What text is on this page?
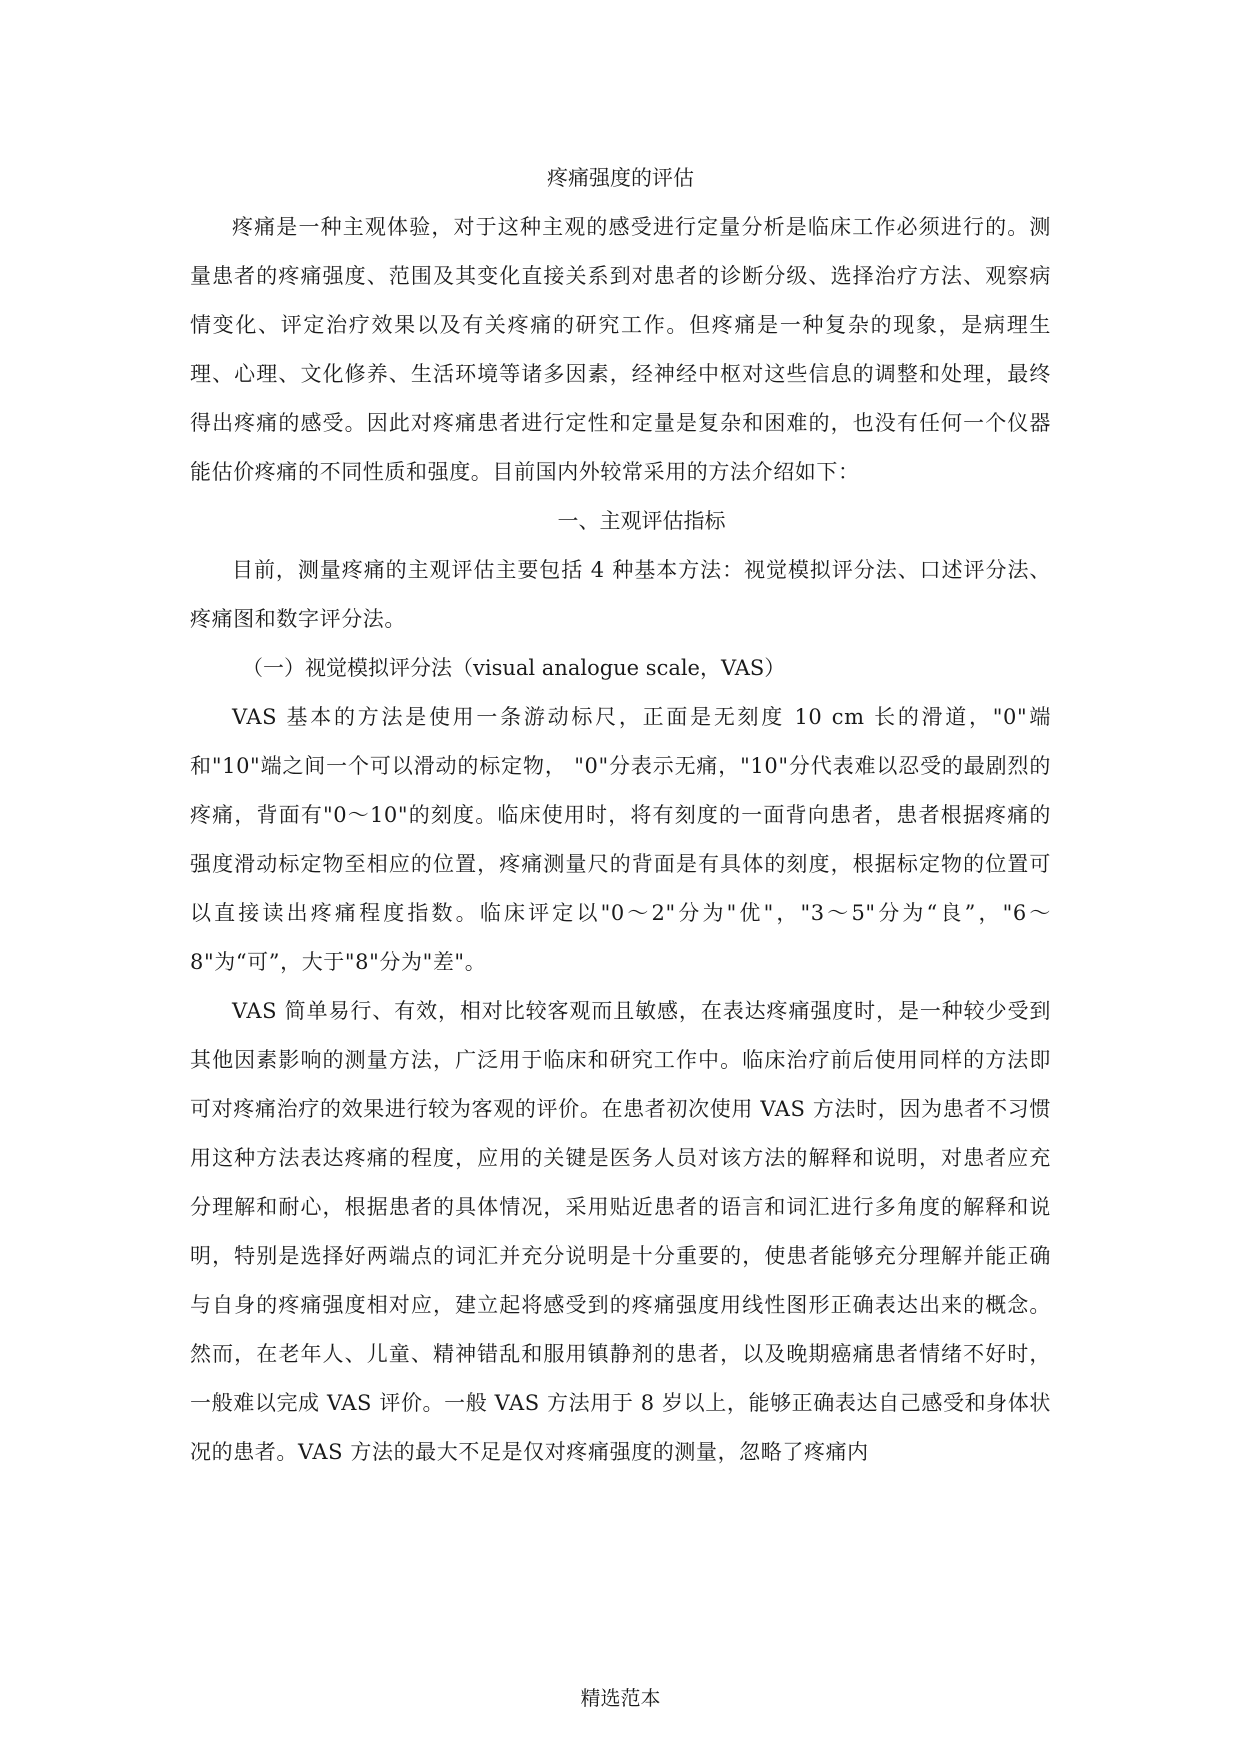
疼痛强度的评估

疼痛是一种主观体验，对于这种主观的感受进行定量分析是临床工作必须进行的。测量患者的疼痛强度、范围及其变化直接关系到对患者的诊断分级、选择治疗方法、观察病情变化、评定治疗效果以及有关疼痛的研究工作。但疼痛是一种复杂的现象，是病理生理、心理、文化修养、生活环境等诸多因素，经神经中枢对这些信息的调整和处理，最终得出疼痛的感受。因此对疼痛患者进行定性和定量是复杂和困难的，也没有任何一个仪器能估价疼痛的不同性质和强度。目前国内外较常采用的方法介绍如下：

一、主观评估指标

目前，测量疼痛的主观评估主要包括 4 种基本方法：视觉模拟评分法、口述评分法、疼痛图和数字评分法。

（一）视觉模拟评分法（visual analogue scale，VAS）

VAS 基本的方法是使用一条游动标尺，正面是无刻度 10 cm 长的滑道，"0"端和"10"端之间一个可以滑动的标定物， "0"分表示无痛，"10"分代表难以忍受的最剧烈的疼痛，背面有"0～10"的刻度。临床使用时，将有刻度的一面背向患者，患者根据疼痛的强度滑动标定物至相应的位置，疼痛测量尺的背面是有具体的刻度，根据标定物的位置可以直接读出疼痛程度指数。临床评定以"0～2"分为"优"，"3～5"分为“良”，"6～8"为“可”，大于"8"分为"差"。

VAS 简单易行、有效，相对比较客观而且敏感，在表达疼痛强度时，是一种较少受到其他因素影响的测量方法，广泛用于临床和研究工作中。临床治疗前后使用同样的方法即可对疼痛治疗的效果进行较为客观的评价。在患者初次使用 VAS 方法时，因为患者不习惯用这种方法表达疼痛的程度，应用的关键是医务人员对该方法的解释和说明，对患者应充分理解和耐心，根据患者的具体情况，采用贴近患者的语言和词汇进行多角度的解释和说明，特别是选择好两端点的词汇并充分说明是十分重要的，使患者能够充分理解并能正确与自身的疼痛强度相对应，建立起将感受到的疼痛强度用线性图形正确表达出来的概念。然而，在老年人、儿童、精神错乱和服用镇静剂的患者，以及晚期癌痛患者情绪不好时，一般难以完成 VAS 评价。一般 VAS 方法用于 8 岁以上，能够正确表达自己感受和身体状况的患者。VAS 方法的最大不足是仅对疼痛强度的测量，忽略了疼痛内

精选范本
